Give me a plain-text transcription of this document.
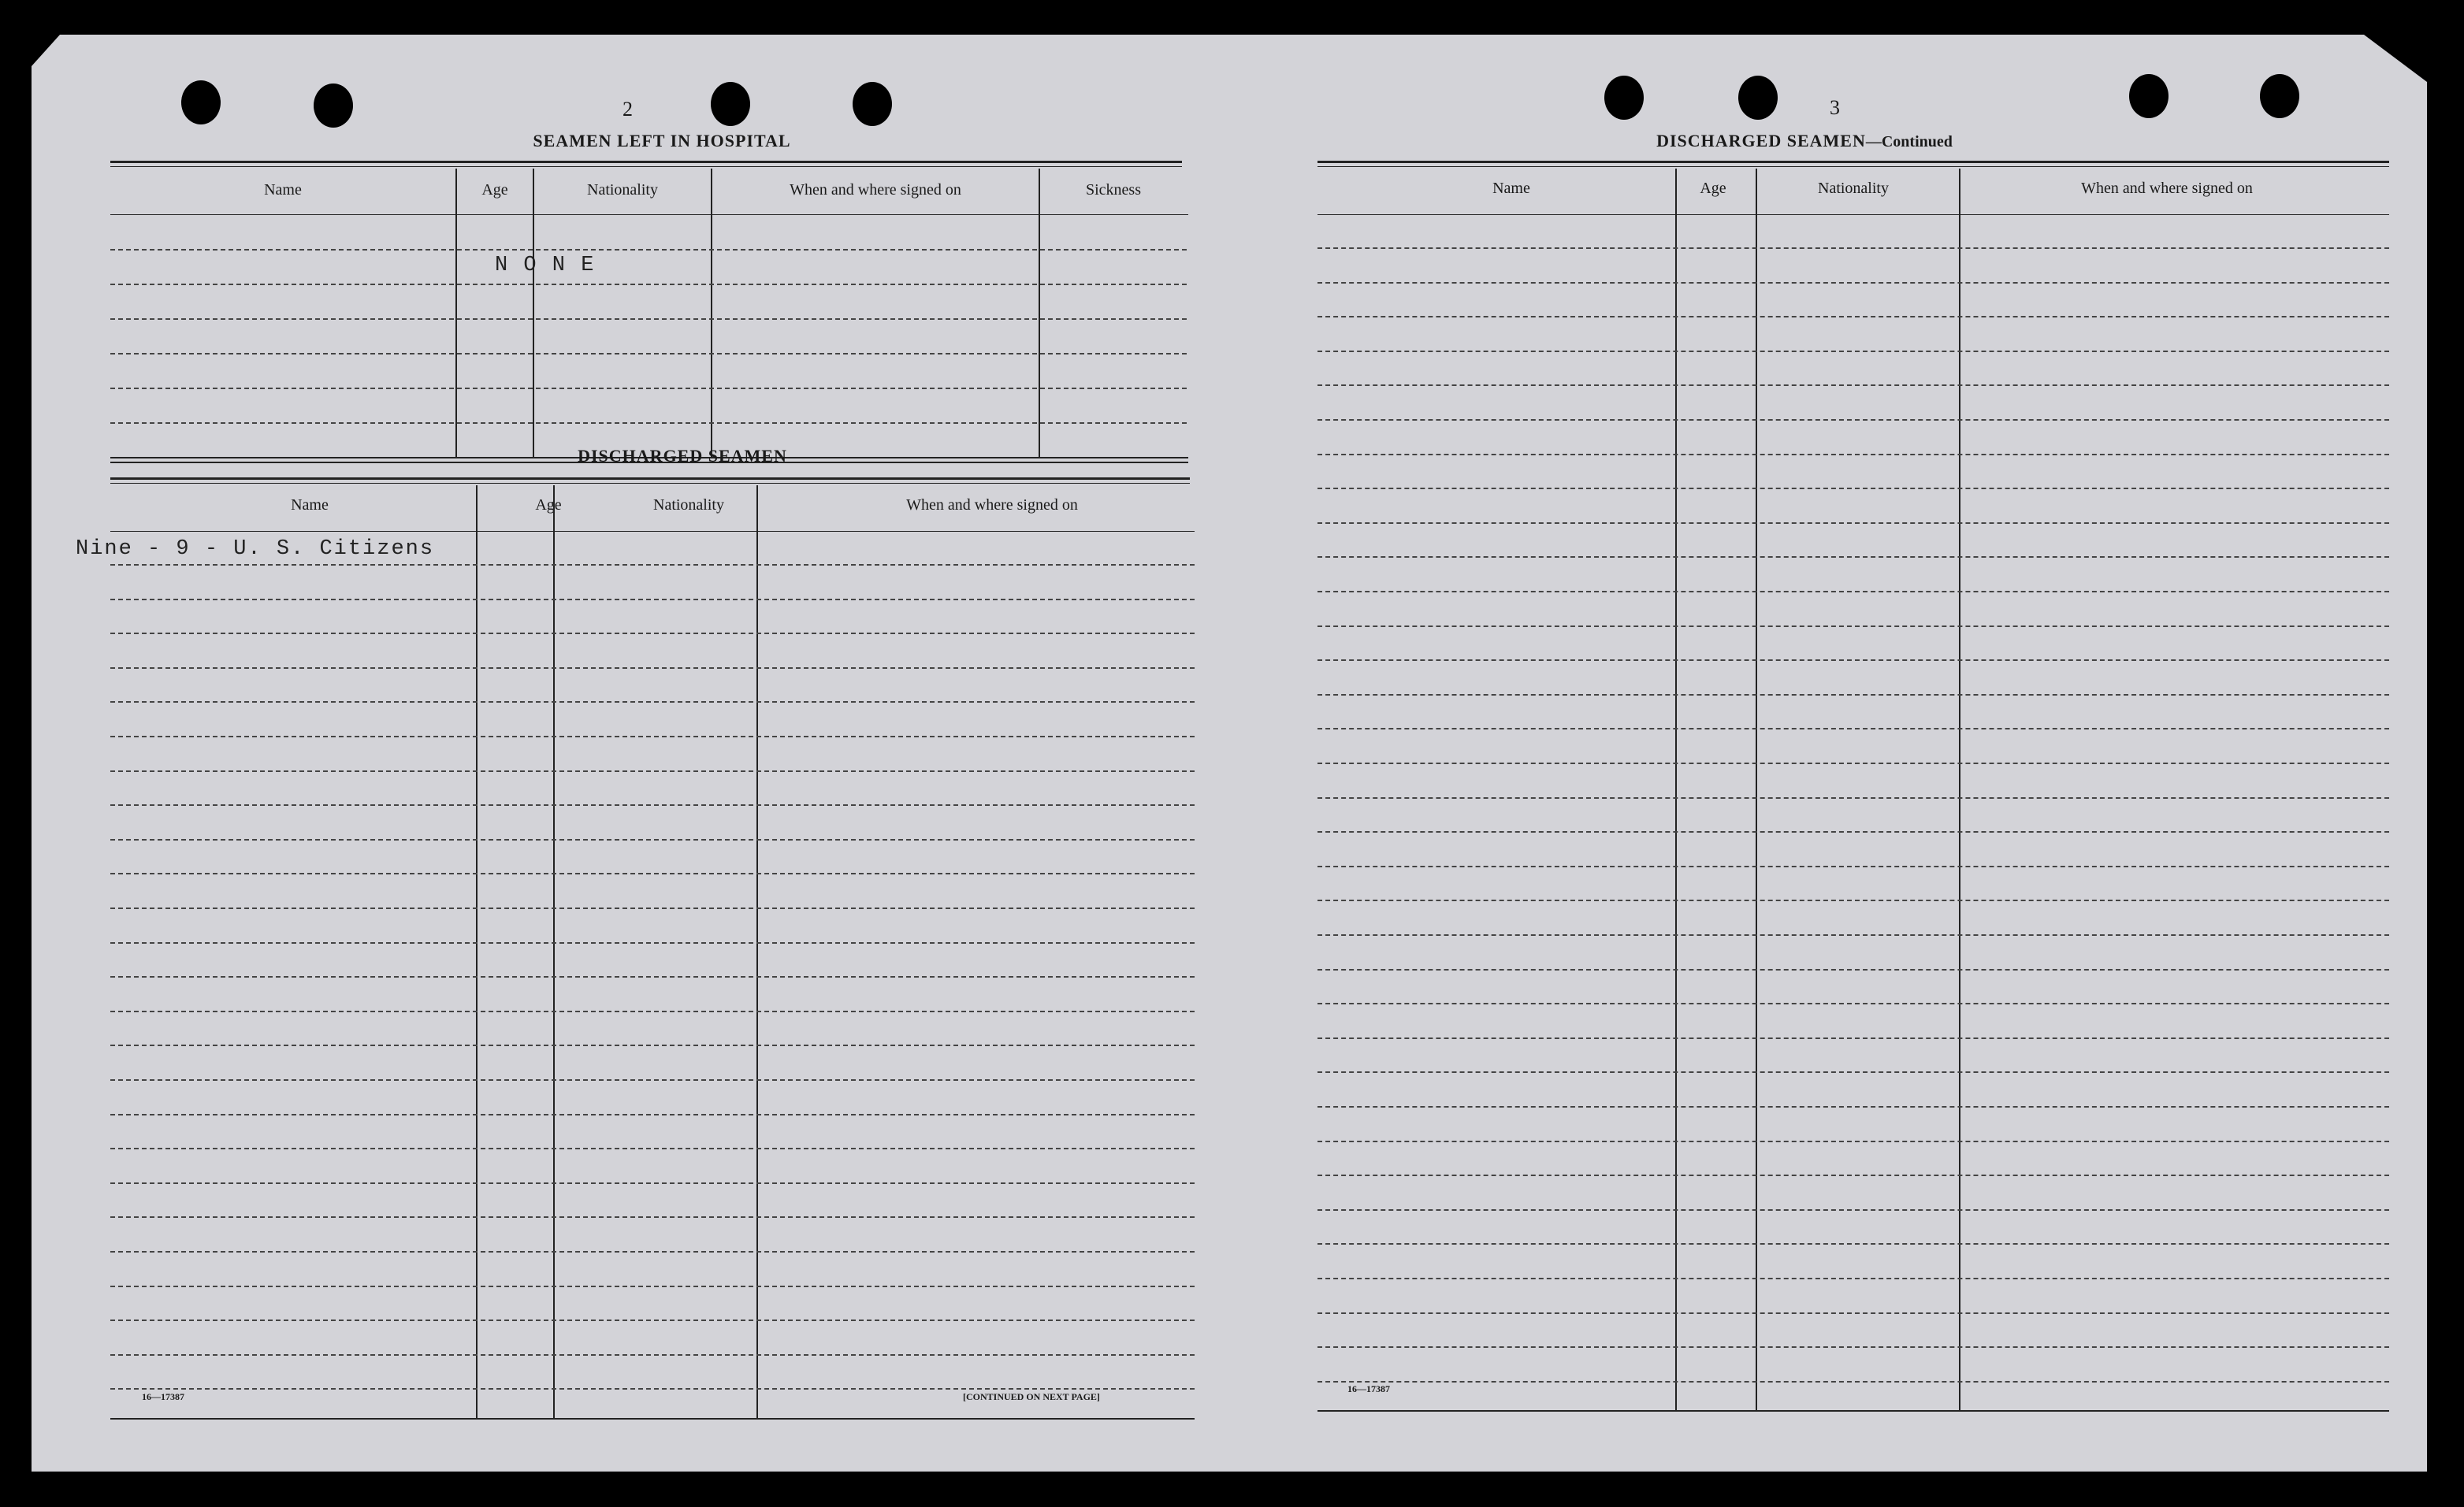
2
SEAMEN LEFT IN HOSPITAL
Name	Age	Nationality	When and where signed on	Sickness
N O N E
DISCHARGED SEAMEN
Name	Age	Nationality	When and where signed on
Nine - 9 - U. S. Citizens
16—17387	[CONTINUED ON NEXT PAGE]
3
DISCHARGED SEAMEN—Continued
Name	Age	Nationality	When and where signed on
16—17387
